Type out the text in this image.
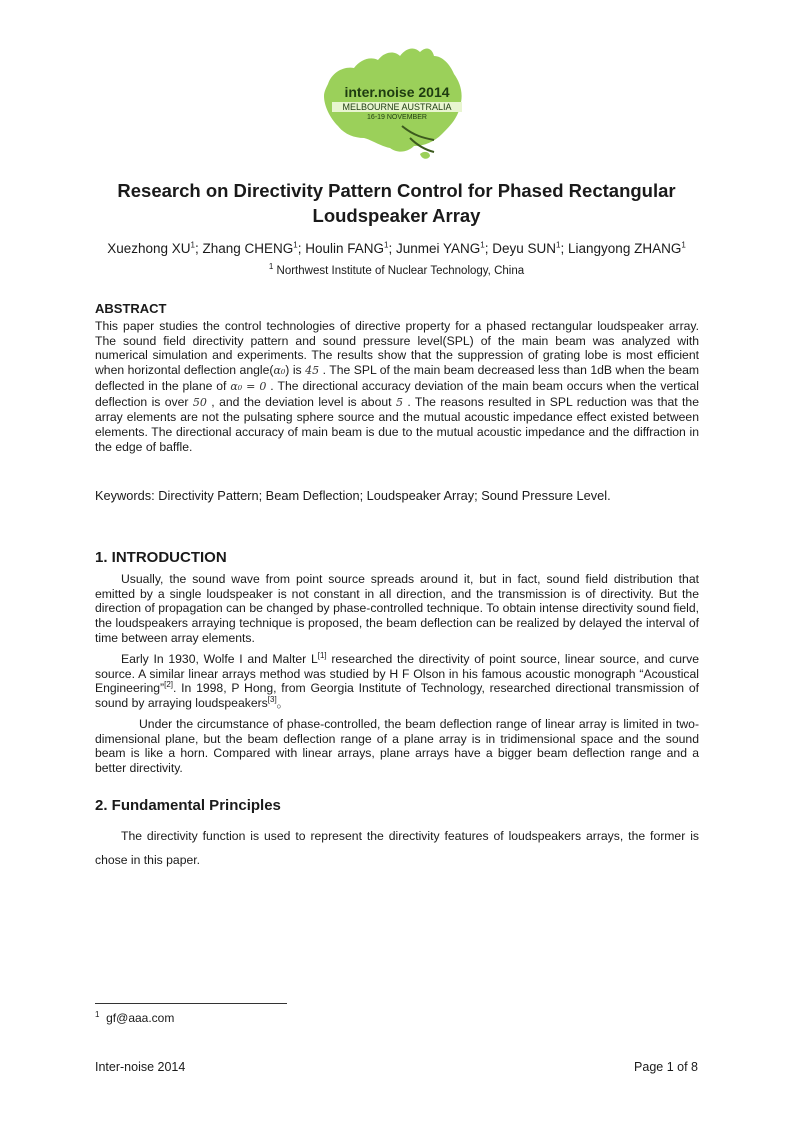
inter.noise 2014
MELBOURNE AUSTRALIA
16-19 NOVEMBER
Research on Directivity Pattern Control for Phased Rectangular
Loudspeaker Array
Xuezhong $XU^1$; Zhang CHENG$^1$; Houlin FANG$^1$; Junmei YANG$^1$; Deyu SUN$^1$; Liangyong ZHANG$^1$
$^1$ Northwest Institute of Nuclear Technology, China
ABSTRACT

This paper studies the control technologies of directive property for a phased rectangular loudspeaker array. The sound field directivity pattern and sound pressure level(SPL) of the main beam was analyzed with numerical simulation and experiments. The results show that the suppression of grating lobe is most efficient when horizontal deflection angle(α₀) is 45 . The SPL of the main beam decreased less than 1dB when the beam deflected in the plane of α₀ = 0 . The directional accuracy deviation of the main beam occurs when the vertical deflection is over 50 , and the deviation level is about 5 . The reasons resulted in SPL reduction was that the array elements are not the pulsating sphere source and the mutual acoustic impedance effect existed between elements. The directional accuracy of main beam is due to the mutual acoustic impedance and the diffraction in the edge of baffle.

Keywords: Directivity Pattern; Beam Deflection; Loudspeaker Array; Sound Pressure Level.

1. INTRODUCTION

Usually, the sound wave from point source spreads around it, but in fact, sound field distribution that emitted by a single loudspeaker is not constant in all direction, and the transmission is of directivity. But the direction of propagation can be changed by phase-controlled technique. To obtain intense directivity sound field, the loudspeakers arraying technique is proposed, the beam deflection can be realized by delayed the interval of time between array elements.

Early In 1930, Wolfe I and Malter L[1] researched the directivity of point source, linear source, and curve source. A similar linear arrays method was studied by H F Olson in his famous acoustic monograph “Acoustical Engineering”[2]. In 1998, P Hong, from Georgia Institute of Technology, researched directional transmission of sound by arraying loudspeakers[3]。

Under the circumstance of phase-controlled, the beam deflection range of linear array is limited in two-dimensional plane, but the beam deflection range of a plane array is in tridimensional space and the sound beam is like a horn. Compared with linear arrays, plane arrays have a bigger beam deflection range and a better directivity.

2. Fundamental Principles

The directivity function is used to represent the directivity features of loudspeakers arrays, the former is chose in this paper.

$^1$ gf@aaa.com
Inter-noise 2014	Page 1 of 8
